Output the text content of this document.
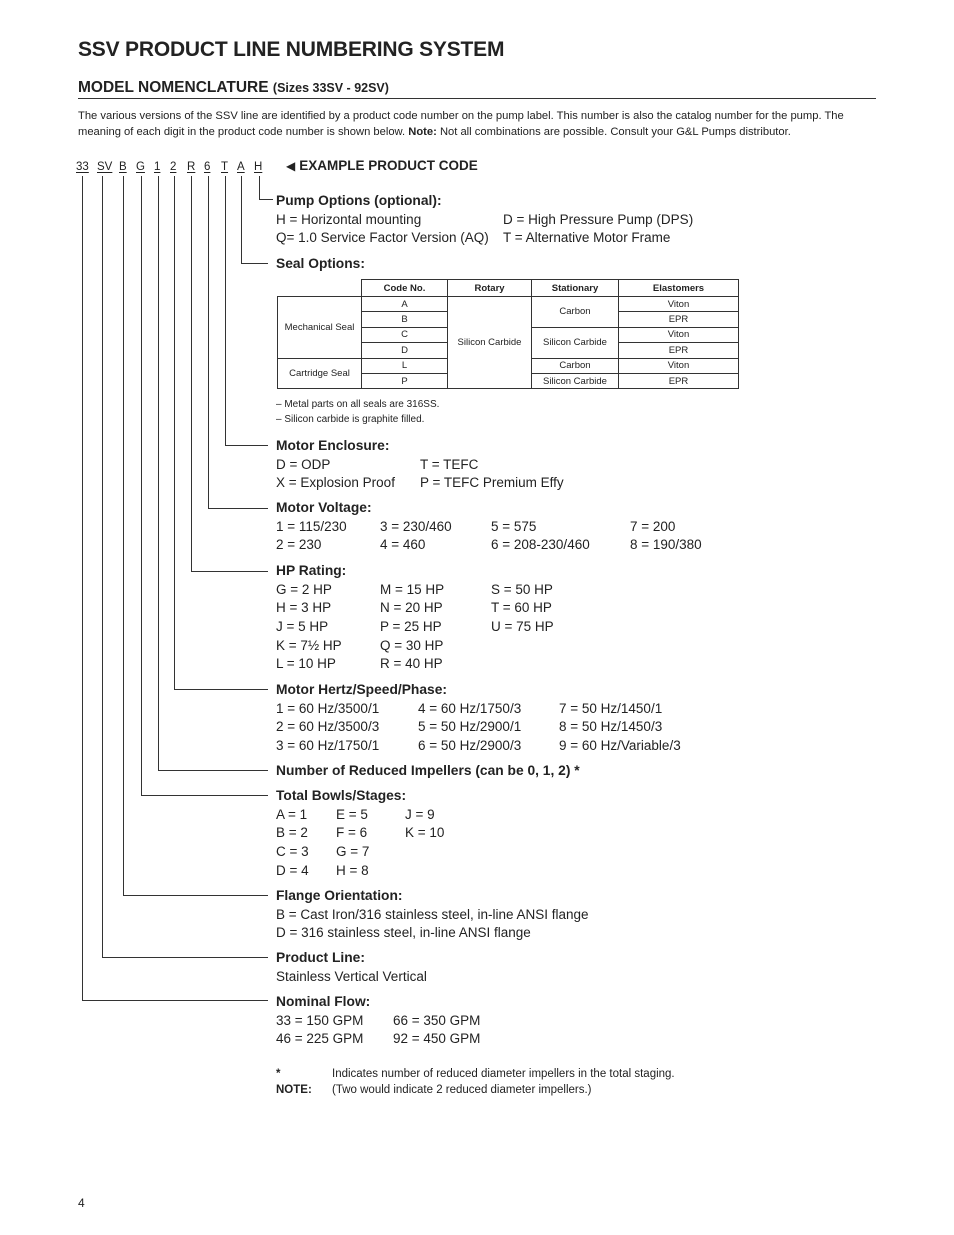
SSV PRODUCT LINE NUMBERING SYSTEM
MODEL NOMENCLATURE (Sizes 33SV - 92SV)
The various versions of the SSV line are identified by a product code number on the pump label. This number is also the catalog number for the pump. The meaning of each digit in the product code number is shown below. Note: Not all combinations are possible. Consult your G&L Pumps distributor.
33 SV B G 1 2 R 6 T A H ◀ EXAMPLE PRODUCT CODE
Pump Options (optional):
H = Horizontal mounting	D = High Pressure Pump (DPS)
Q= 1.0 Service Factor Version (AQ) T = Alternative Motor Frame
Seal Options:
	Code No.	Rotary	Stationary	Elastomers
Mechanical Seal	A	Silicon Carbide	Carbon	Viton
	B			EPR
	C		Silicon Carbide	Viton
	D			EPR
Cartridge Seal	L		Carbon	Viton
	P		Silicon Carbide	EPR
– Metal parts on all seals are 316SS.
– Silicon carbide is graphite filled.
Motor Enclosure:
D = ODP	T = TEFC
X = Explosion Proof P = TEFC Premium Effy
Motor Voltage:
1 = 115/230 3 = 230/460	5 = 575	7 = 200
2 = 230	4 = 460	6 = 208-230/460	8 = 190/380
HP Rating:
G = 2 HP	M = 15 HP	S = 50 HP
H = 3 HP	N = 20 HP	T = 60 HP
J = 5 HP	P = 25 HP	U = 75 HP
K = 7½ HP	Q = 30 HP
L = 10 HP	R = 40 HP
Motor Hertz/Speed/Phase:
1 = 60 Hz/3500/1	4 = 60 Hz/1750/3	7 = 50 Hz/1450/1
2 = 60 Hz/3500/3	5 = 50 Hz/2900/1	8 = 50 Hz/1450/3
3 = 60 Hz/1750/1	6 = 50 Hz/2900/3	9 = 60 Hz/Variable/3
Number of Reduced Impellers (can be 0, 1, 2) *
Total Bowls/Stages:
A = 1 E = 5	J = 9
B = 2 F = 6	K = 10
C = 3 G = 7
D = 4 H = 8
Flange Orientation:
B = Cast Iron/316 stainless steel, in-line ANSI flange
D = 316 stainless steel, in-line ANSI flange
Product Line:
Stainless Vertical Vertical
Nominal Flow:
33 = 150 GPM 66 = 350 GPM
46 = 225 GPM 92 = 450 GPM
* NOTE:
Indicates number of reduced diameter impellers in the total staging.
(Two would indicate 2 reduced diameter impellers.)
4
